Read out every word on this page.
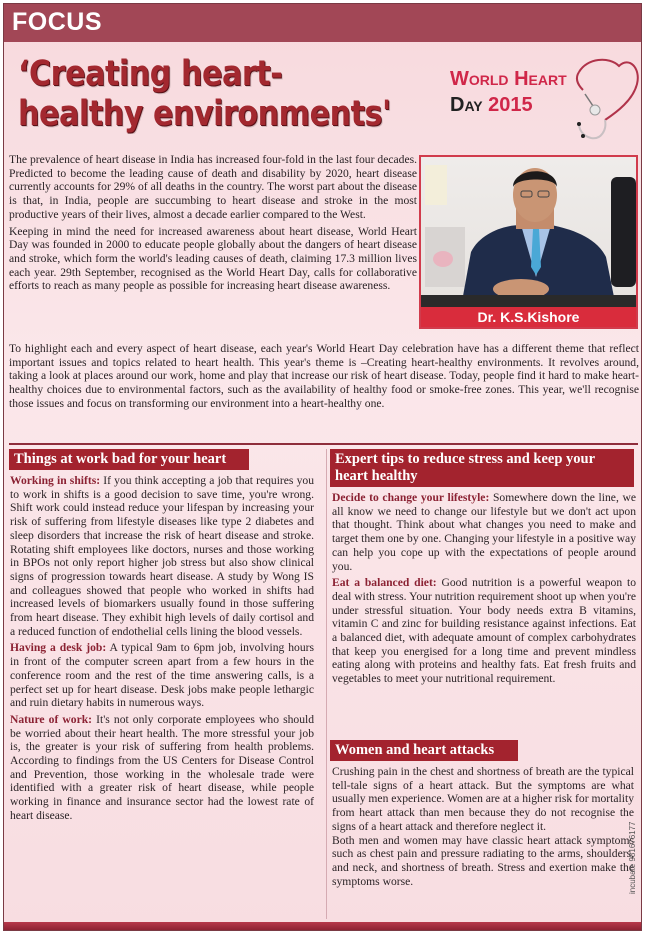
FOCUS
‘Creating heart-
healthy environments'
World Heart
Day 2015

The prevalence of heart disease in India has increased four-fold in the last four decades. Predicted to become the leading cause of death and disability by 2020, heart disease currently accounts for 29% of all deaths in the country. The worst part about the disease is that, in India, people are succumbing to heart disease and stroke in the most productive years of their lives, almost a decade earlier compared to the West.

Keeping in mind the need for increased awareness about heart disease, World Heart Day was founded in 2000 to educate people globally about the dangers of heart disease and stroke, which form the world's leading causes of death, claiming 17.3 million lives each year. 29th September, recognised as the World Heart Day, calls for collaborative efforts to reach as many people as possible for increasing heart disease awareness.

Dr. K.S.Kishore
To highlight each and every aspect of heart disease, each year's World Heart Day celebration have has a different theme that reflect important issues and topics related to heart health. This year's theme is –Creating heart-healthy environments. It revolves around, taking a look at places around our work, home and play that increase our risk of heart disease. Today, people find it hard to make heart-healthy choices due to environmental factors, such as the availability of healthy food or smoke-free zones. This year, we'll recognise those issues and focus on transforming our environment into a heart-healthy one.
Things at work bad for your heart

Working in shifts: If you think accepting a job that requires you to work in shifts is a good decision to save time, you're wrong. Shift work could instead reduce your lifespan by increasing your risk of suffering from lifestyle diseases like type 2 diabetes and sleep disorders that increase the risk of heart disease and stroke. Rotating shift employees like doctors, nurses and those working in BPOs not only report higher job stress but also show clinical signs of progression towards heart disease. A study by Wong IS and colleagues showed that people who worked in shifts had increased levels of biomarkers usually found in those suffering from heart disease. They exhibit high levels of daily cortisol and a reduced function of endothelial cells lining the blood vessels.

Having a desk job: A typical 9am to 6pm job, involving hours in front of the computer screen apart from a few hours in the conference room and the rest of the time answering calls, is a perfect set up for heart disease. Desk jobs make people lethargic and ruin dietary habits in numerous ways.

Nature of work: It's not only corporate employees who should be worried about their heart health. The more stressful your job is, the greater is your risk of suffering from health problems. According to findings from the US Centers for Disease Control and Prevention, those working in the wholesale trade were identified with a greater risk of heart disease, while people working in finance and insurance sector had the lowest rate of heart disease.

Expert tips to reduce stress and keep your heart healthy

Decide to change your lifestyle: Somewhere down the line, we all know we need to change our lifestyle but we don't act upon that thought. Think about what changes you need to make and target them one by one. Changing your lifestyle in a positive way can help you cope up with the expectations of people around you.

Eat a balanced diet: Good nutrition is a powerful weapon to deal with stress. Your nutrition requirement shoot up when you're under stressful situation. Your body needs extra B vitamins, vitamin C and zinc for building resistance against infections. Eat a balanced diet, with adequate amount of complex carbohydrates that keep you energised for a long time and prevent mindless eating along with proteins and healthy fats. Eat fresh fruits and vegetables to meet your nutritional requirement.

Women and heart attacks

Crushing pain in the chest and shortness of breath are the typical tell-tale signs of a heart attack. But the symptoms are what usually men experience. Women are at a higher risk for mortality from heart attack than men because they do not recognise the signs of a heart attack and therefore neglect it.

Both men and women may have classic heart attack symptoms such as chest pain and pressure radiating to the arms, shoulders, and neck, and shortness of breath. Stress and exertion make the symptoms worse.	incubate 981676177
